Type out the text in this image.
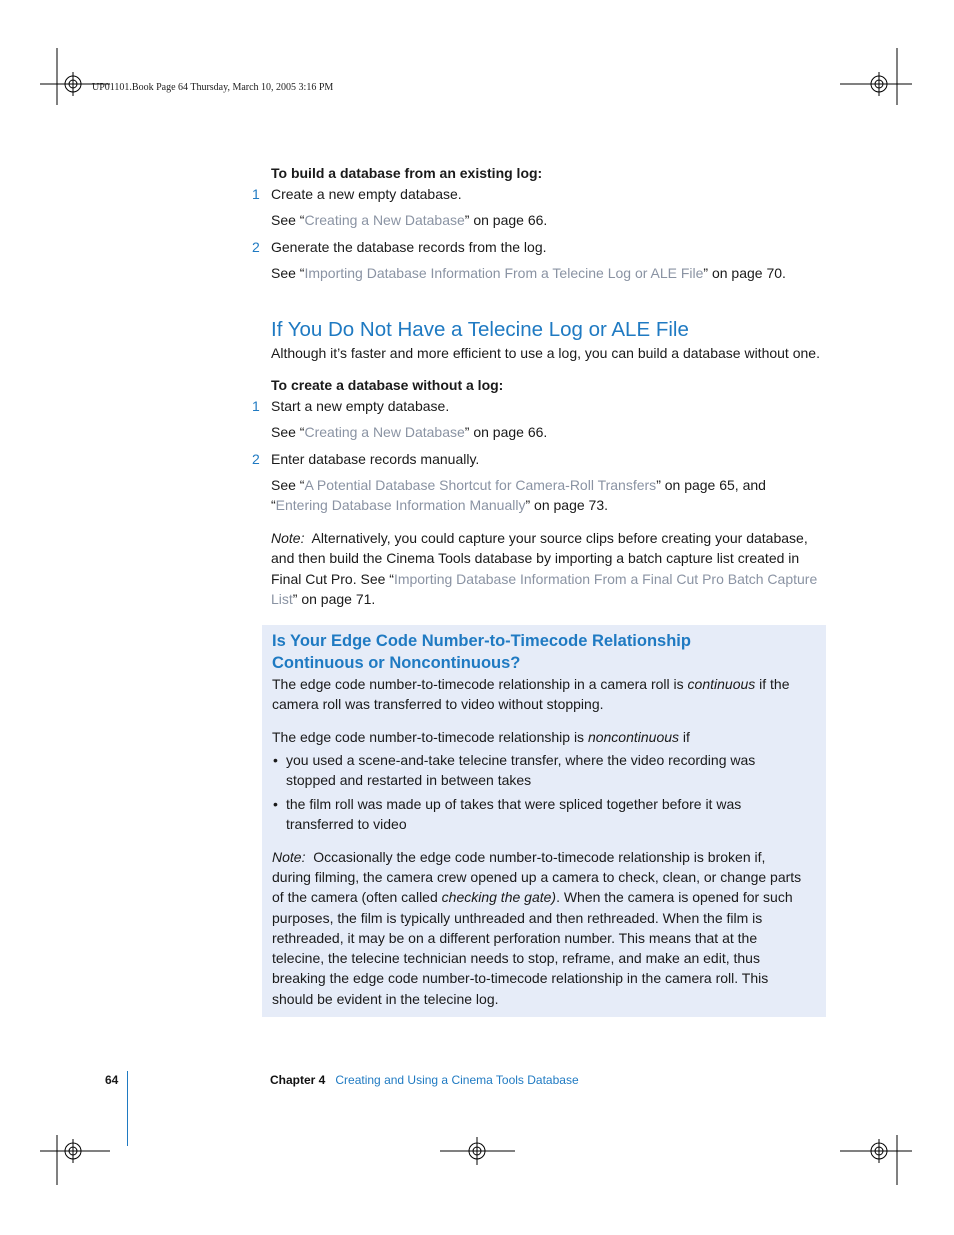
UP01101.Book Page 64 Thursday, March 10, 2005 3:16 PM
To build a database from an existing log:
1 Create a new empty database.
See “Creating a New Database” on page 66.
2 Generate the database records from the log.
See “Importing Database Information From a Telecine Log or ALE File” on page 70.
If You Do Not Have a Telecine Log or ALE File
Although it’s faster and more efficient to use a log, you can build a database without one.
To create a database without a log:
1 Start a new empty database.
See “Creating a New Database” on page 66.
2 Enter database records manually.
See “A Potential Database Shortcut for Camera-Roll Transfers” on page 65, and
“Entering Database Information Manually” on page 73.
Note: Alternatively, you could capture your source clips before creating your database,
and then build the Cinema Tools database by importing a batch capture list created in
Final Cut Pro. See “Importing Database Information From a Final Cut Pro Batch Capture
List” on page 71.
Is Your Edge Code Number-to-Timecode Relationship
Continuous or Noncontinuous?
The edge code number-to-timecode relationship in a camera roll is continuous if the
camera roll was transferred to video without stopping.
The edge code number-to-timecode relationship is noncontinuous if
• you used a scene-and-take telecine transfer, where the video recording was
stopped and restarted in between takes
• the film roll was made up of takes that were spliced together before it was
transferred to video
Note: Occasionally the edge code number-to-timecode relationship is broken if,
during filming, the camera crew opened up a camera to check, clean, or change parts
of the camera (often called checking the gate). When the camera is opened for such
purposes, the film is typically unthreaded and then rethreaded. When the film is
rethreaded, it may be on a different perforation number. This means that at the
telecine, the telecine technician needs to stop, reframe, and make an edit, thus
breaking the edge code number-to-timecode relationship in the camera roll. This
should be evident in the telecine log.
64	Chapter 4 Creating and Using a Cinema Tools Database
